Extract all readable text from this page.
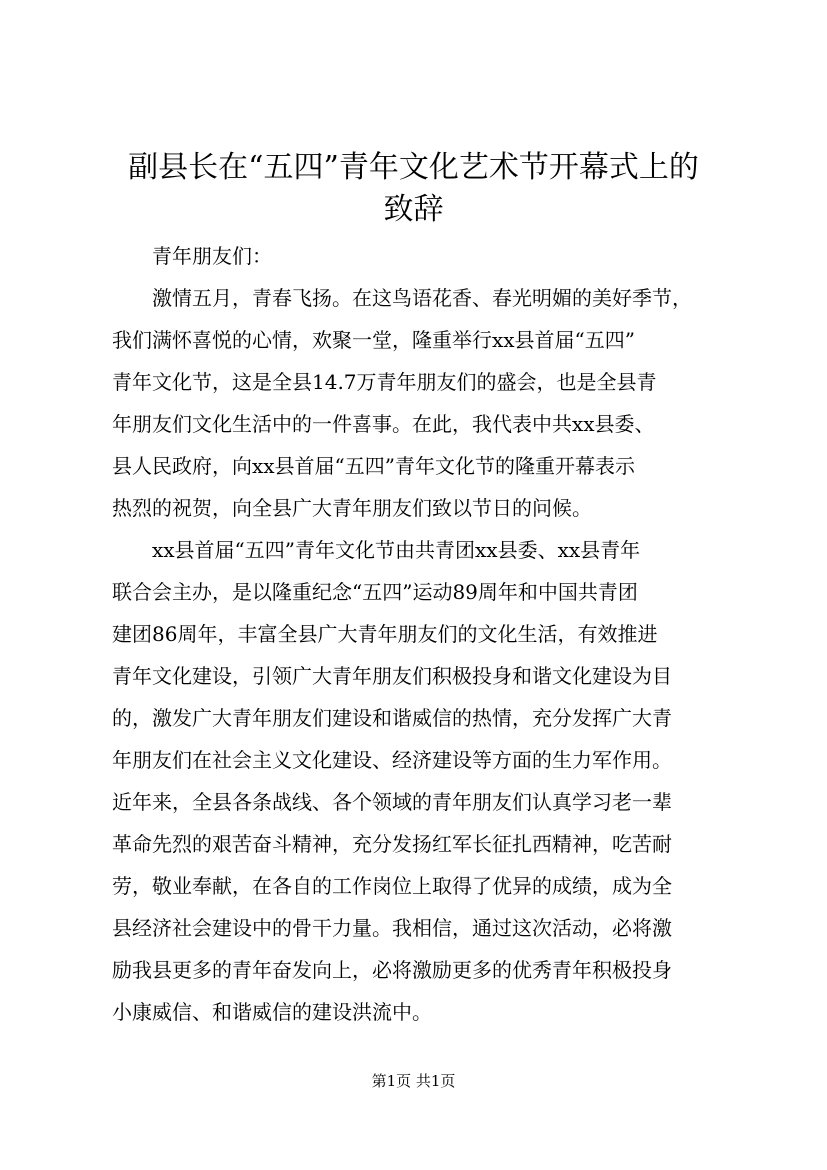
副县长在“五四”青年文化艺术节开幕式上的
致辞

青年朋友们：

激情五月，青春飞扬。在这鸟语花香、春光明媚的美好季节，

我们满怀喜悦的心情，欢聚一堂，隆重举行xx县首届“五四”

青年文化节，这是全县14.7万青年朋友们的盛会，也是全县青

年朋友们文化生活中的一件喜事。在此，我代表中共xx县委、

县人民政府，向xx县首届“五四”青年文化节的隆重开幕表示

热烈的祝贺，向全县广大青年朋友们致以节日的问候。

xx县首届“五四”青年文化节由共青团xx县委、xx县青年

联合会主办，是以隆重纪念“五四”运动89周年和中国共青团

建团86周年，丰富全县广大青年朋友们的文化生活，有效推进

青年文化建设，引领广大青年朋友们积极投身和谐文化建设为目

的，激发广大青年朋友们建设和谐威信的热情，充分发挥广大青

年朋友们在社会主义文化建设、经济建设等方面的生力军作用。

近年来，全县各条战线、各个领域的青年朋友们认真学习老一辈

革命先烈的艰苦奋斗精神，充分发扬红军长征扎西精神，吃苦耐

劳，敬业奉献，在各自的工作岗位上取得了优异的成绩，成为全

县经济社会建设中的骨干力量。我相信，通过这次活动，必将激

励我县更多的青年奋发向上，必将激励更多的优秀青年积极投身

小康威信、和谐威信的建设洪流中。

第1页 共1页
